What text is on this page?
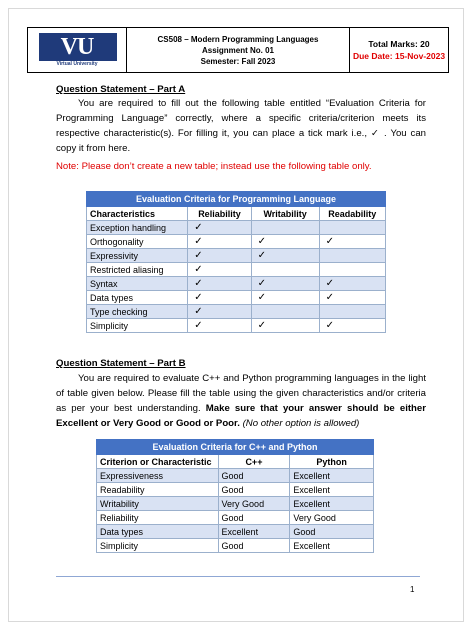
VU
Virtual University
CS508 – Modern Programming Languages
Assignment No. 01
Semester: Fall 2023
Total Marks: 20
Due Date: 15-Nov-2023
Question Statement – Part A
You are required to fill out the following table entitled “Evaluation Criteria for Programming Language” correctly, where a specific criteria/criterion meets its respective characteristic(s). For filling it, you can place a tick mark i.e., ✓ . You can copy it from here.
Note: Please don’t create a new table; instead use the following table only.
Evaluation Criteria for Programming Language			
Characteristics	Reliability	Writability	Readability
Exception handling	✓		
Orthogonality	✓	✓	✓
Expressivity	✓	✓	
Restricted aliasing	✓		
Syntax	✓	✓	✓
Data types	✓	✓	✓
Type checking	✓		
Simplicity	✓	✓	✓
Question Statement – Part B
You are required to evaluate C++ and Python programming languages in the light of table given below. Please fill the table using the given characteristics and/or criteria as per your best understanding. Make sure that your answer should be either Excellent or Very Good or Good or Poor. (No other option is allowed)
Evaluation Criteria for C++ and Python		
Criterion or Characteristic	C++	Python
Expressiveness	Good	Excellent
Readability	Good	Excellent
Writability	Very Good	Excellent
Reliability	Good	Very Good
Data types	Excellent	Good
Simplicity	Good	Excellent
1
